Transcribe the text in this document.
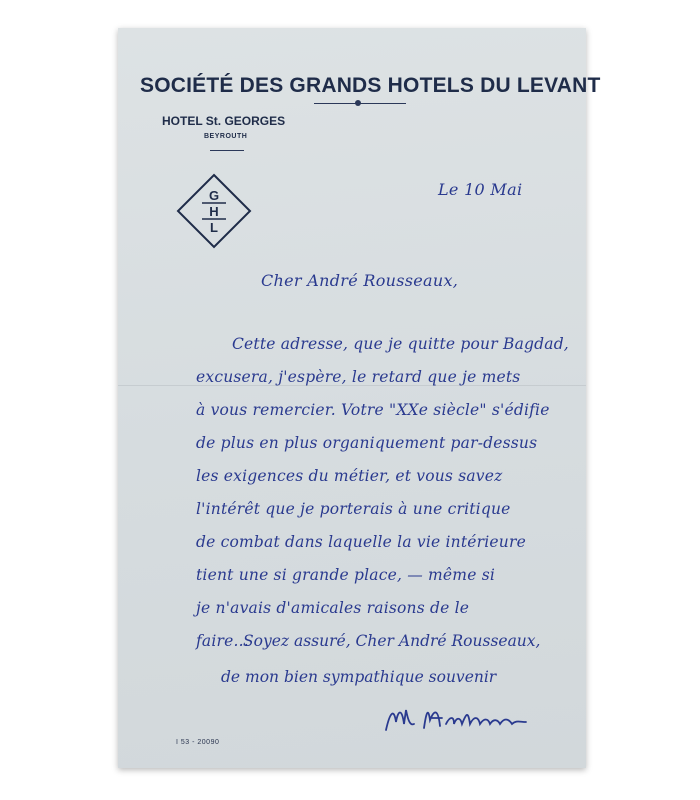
SOCIÉTÉ DES GRANDS HOTELS DU LEVANT
HOTEL St. GEORGES
BEYROUTH
G
H
L
Le 10 Mai
Cher André Rousseaux,
Cette adresse, que je quitte pour Bagdad,
excusera, j'espère, le retard que je mets
à vous remercier. Votre "XXe siècle" s'édifie
de plus en plus organiquement par-dessus
les exigences du métier, et vous savez
l'intérêt que je porterais à une critique
de combat dans laquelle la vie intérieure
tient une si grande place, — même si
je n'avais d'amicales raisons de le
faire...
Soyez assuré, Cher André Rousseaux,
de mon bien sympathique souvenir
I 53 - 20090
